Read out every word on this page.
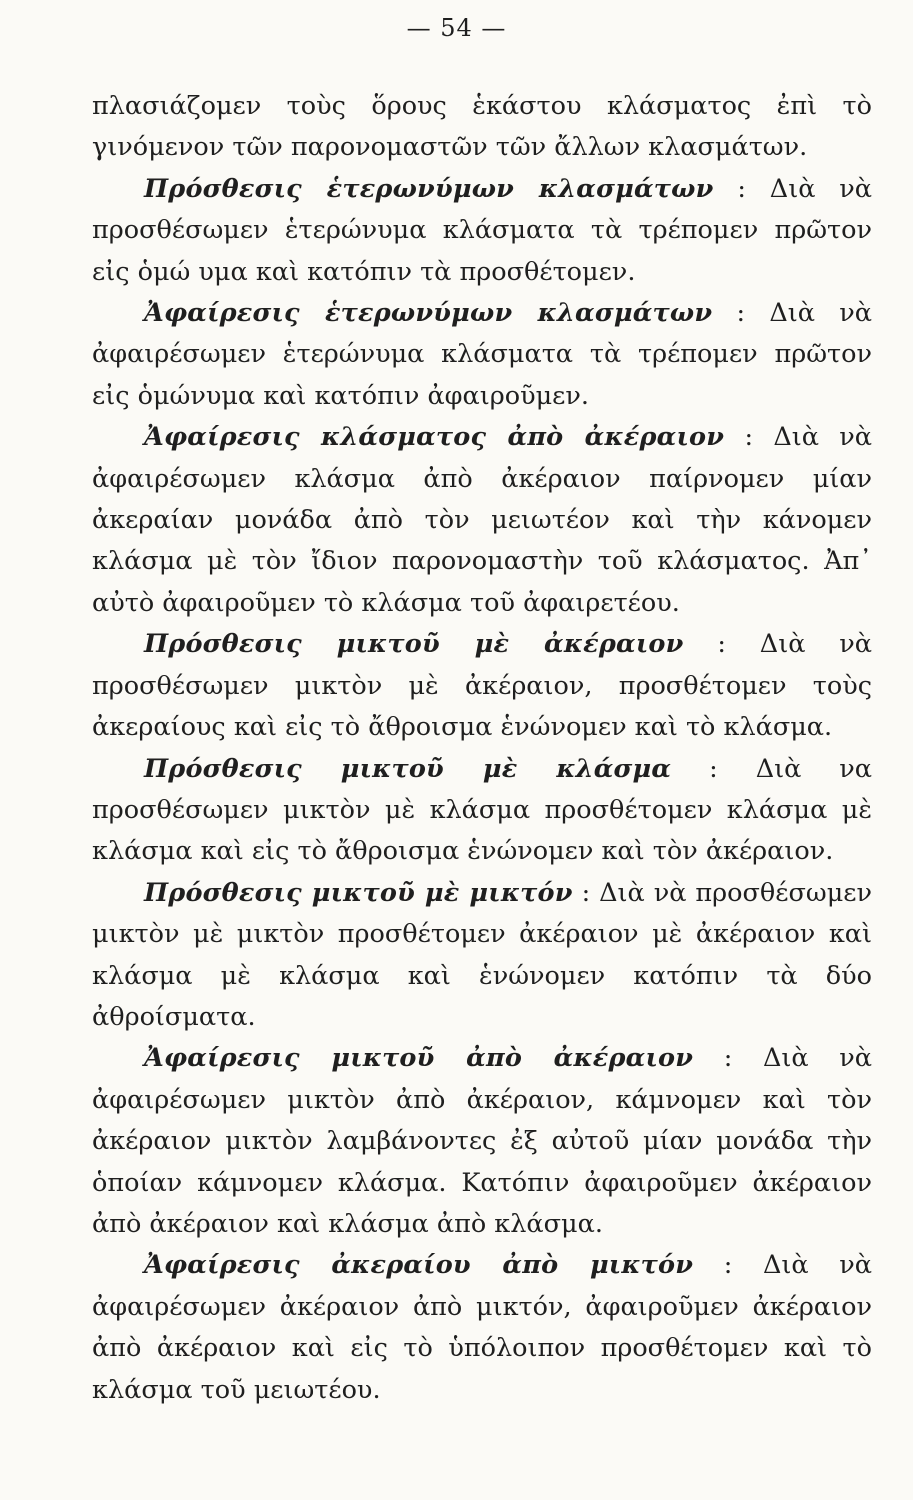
— 54 —

πλασιάζομεν τοὺς ὅρους ἑκάστου κλάσματος ἐπὶ τὸ γινόμενον τῶν παρονομαστῶν τῶν ἄλλων κλασμάτων.

Πρόσθεσις ἑτερωνύμων κλασμάτων : Διὰ νὰ προσθέσωμεν ἑτερώνυμα κλάσματα τὰ τρέπομεν πρῶτον εἰς ὁμώ υμα καὶ κατόπιν τὰ προσθέτομεν.

Ἀφαίρεσις ἑτερωνύμων κλασμάτων : Διὰ νὰ ἀφαιρέσωμεν ἑτερώνυμα κλάσματα τὰ τρέπομεν πρῶτον εἰς ὁμώνυμα καὶ κατόπιν ἀφαιροῦμεν.

Ἀφαίρεσις κλάσματος ἀπὸ ἀκέραιον : Διὰ νὰ ἀφαιρέσωμεν κλάσμα ἀπὸ ἀκέραιον παίρνομεν μίαν ἀκεραίαν μονάδα ἀπὸ τὸν μειωτέον καὶ τὴν κάνομεν κλάσμα μὲ τὸν ἴδιον παρονομαστὴν τοῦ κλάσματος. Ἀπ᾽ αὐτὸ ἀφαιροῦμεν τὸ κλάσμα τοῦ ἀφαιρετέου.

Πρόσθεσις μικτοῦ μὲ ἀκέραιον : Διὰ νὰ προσθέσωμεν μικτὸν μὲ ἀκέραιον, προσθέτομεν τοὺς ἀκεραίους καὶ εἰς τὸ ἄθροισμα ἑνώνομεν καὶ τὸ κλάσμα.

Πρόσθεσις μικτοῦ μὲ κλάσμα : Διὰ να προσθέσωμεν μικτὸν μὲ κλάσμα προσθέτομεν κλάσμα μὲ κλάσμα καὶ εἰς τὸ ἄθροισμα ἑνώνομεν καὶ τὸν ἀκέραιον.

Πρόσθεσις μικτοῦ μὲ μικτόν : Διὰ νὰ προσθέσωμεν μικτὸν μὲ μικτὸν προσθέτομεν ἀκέραιον μὲ ἀκέραιον καὶ κλάσμα μὲ κλάσμα καὶ ἑνώνομεν κατόπιν τὰ δύο ἀθροίσματα.

Ἀφαίρεσις μικτοῦ ἀπὸ ἀκέραιον : Διὰ νὰ ἀφαιρέσωμεν μικτὸν ἀπὸ ἀκέραιον, κάμνομεν καὶ τὸν ἀκέραιον μικτὸν λαμβάνοντες ἐξ αὐτοῦ μίαν μονάδα τὴν ὁποίαν κάμνομεν κλάσμα. Κατόπιν ἀφαιροῦμεν ἀκέραιον ἀπὸ ἀκέραιον καὶ κλάσμα ἀπὸ κλάσμα.

Ἀφαίρεσις ἀκεραίου ἀπὸ μικτόν : Διὰ νὰ ἀφαιρέσωμεν ἀκέραιον ἀπὸ μικτόν, ἀφαιροῦμεν ἀκέραιον ἀπὸ ἀκέραιον καὶ εἰς τὸ ὑπόλοιπον προσθέτομεν καὶ τὸ κλάσμα τοῦ μειωτέου.
